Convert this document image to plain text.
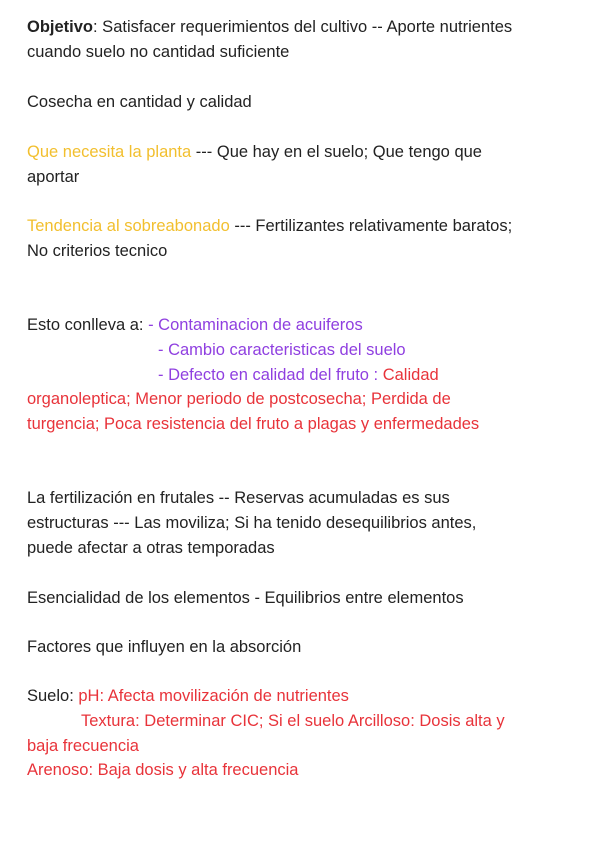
Objetivo: Satisfacer requerimientos del cultivo -- Aporte nutrientes
cuando suelo no cantidad suficiente
Cosecha en cantidad y calidad
Que necesita la planta --- Que hay en el suelo; Que tengo que
aportar
Tendencia al sobreabonado --- Fertilizantes relativamente baratos;
No criterios tecnico
Esto conlleva a: - Contaminacion de acuiferos
- Cambio caracteristicas del suelo
- Defecto en calidad del fruto : Calidad
organoleptica; Menor periodo de postcosecha; Perdida de
turgencia; Poca resistencia del fruto a plagas y enfermedades
La fertilización en frutales -- Reservas acumuladas es sus
estructuras --- Las moviliza; Si ha tenido desequilibrios antes,
puede afectar a otras temporadas
Esencialidad de los elementos - Equilibrios entre elementos
Factores que influyen en la absorción
Suelo: pH: Afecta movilización de nutrientes
Textura: Determinar CIC; Si el suelo Arcilloso: Dosis alta y
baja frecuencia
Arenoso: Baja dosis y alta frecuencia
